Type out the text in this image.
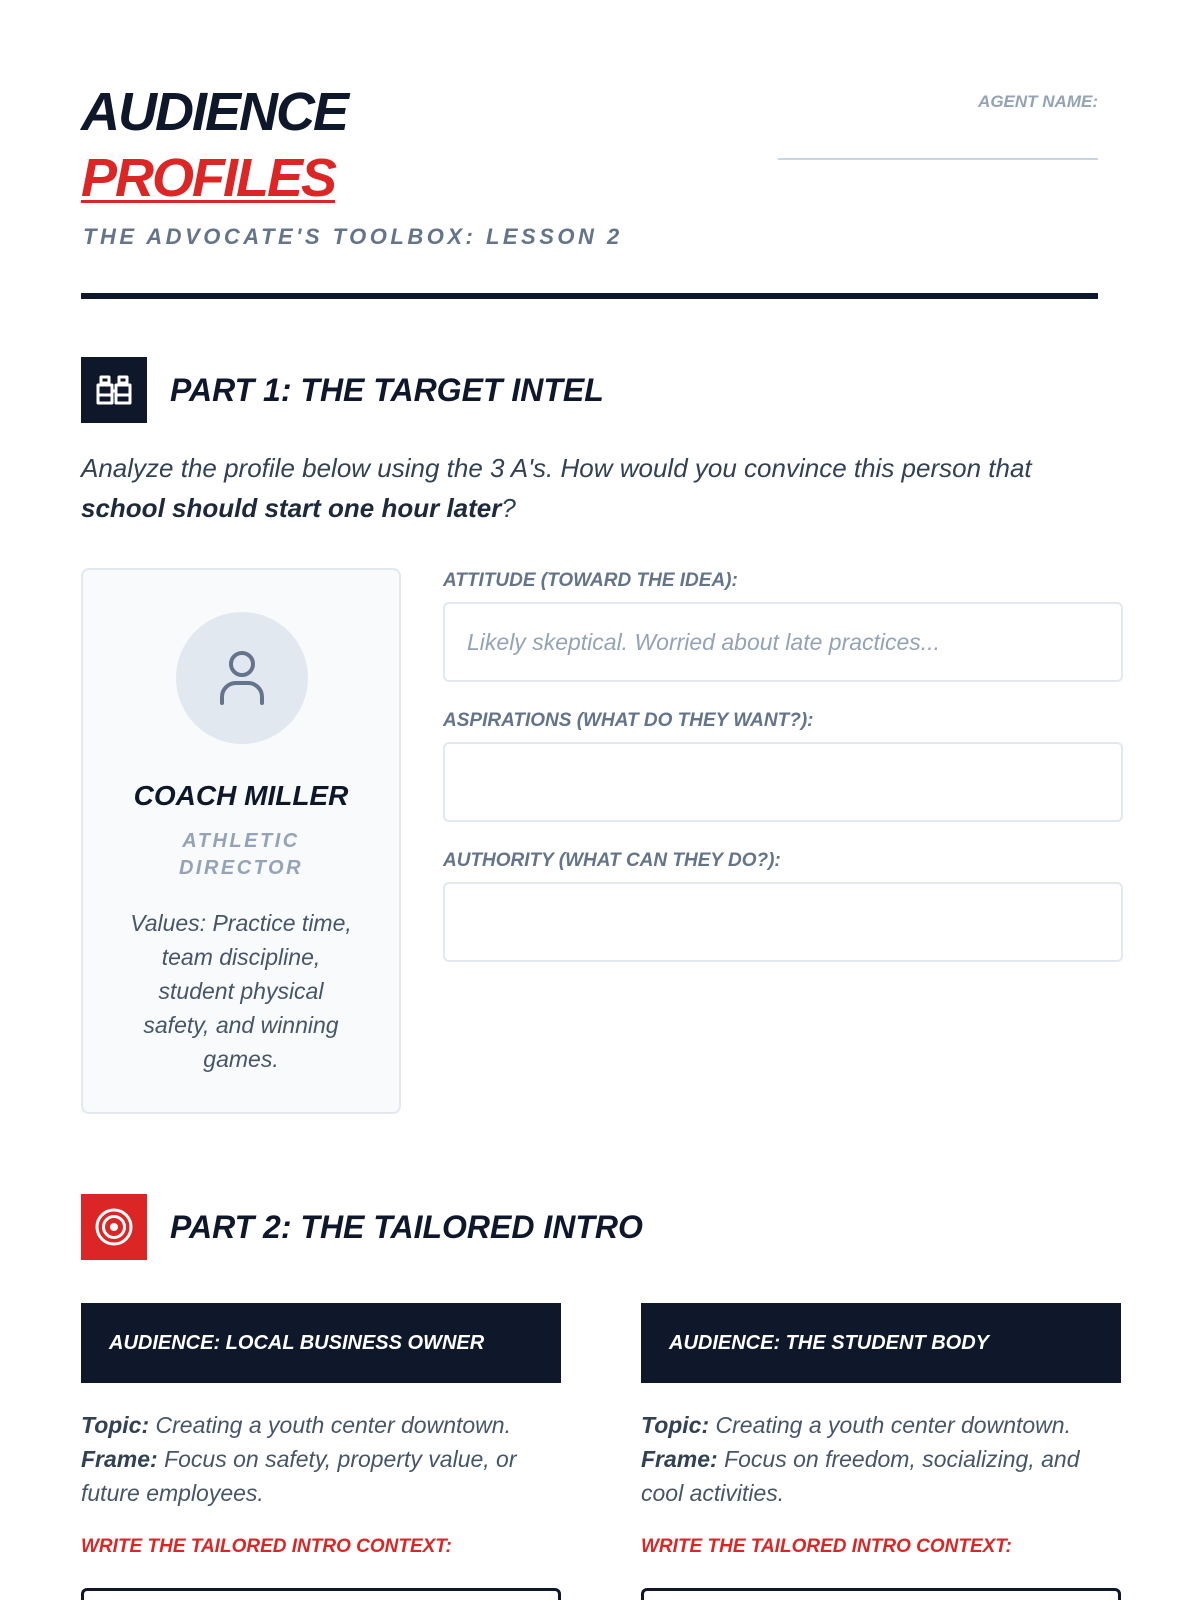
AUDIENCE
PROFILES
THE ADVOCATE'S TOOLBOX: LESSON 2
AGENT NAME:
PART 1: THE TARGET INTEL

Analyze the profile below using the 3 A's. How would you convince this person that school should start one hour later?

COACH MILLER
ATHLETIC DIRECTOR
Values: Practice time, team discipline, student physical safety, and winning games.
ATTITUDE (TOWARD THE IDEA):
Likely skeptical. Worried about late practices...
ASPIRATIONS (WHAT DO THEY WANT?):
AUTHORITY (WHAT CAN THEY DO?):
PART 2: THE TAILORED INTRO
AUDIENCE: LOCAL BUSINESS OWNER
Topic: Creating a youth center downtown.
Frame: Focus on safety, property value, or future employees.
WRITE THE TAILORED INTRO CONTEXT:
AUDIENCE: THE STUDENT BODY
Topic: Creating a youth center downtown.
Frame: Focus on freedom, socializing, and cool activities.
WRITE THE TAILORED INTRO CONTEXT:
